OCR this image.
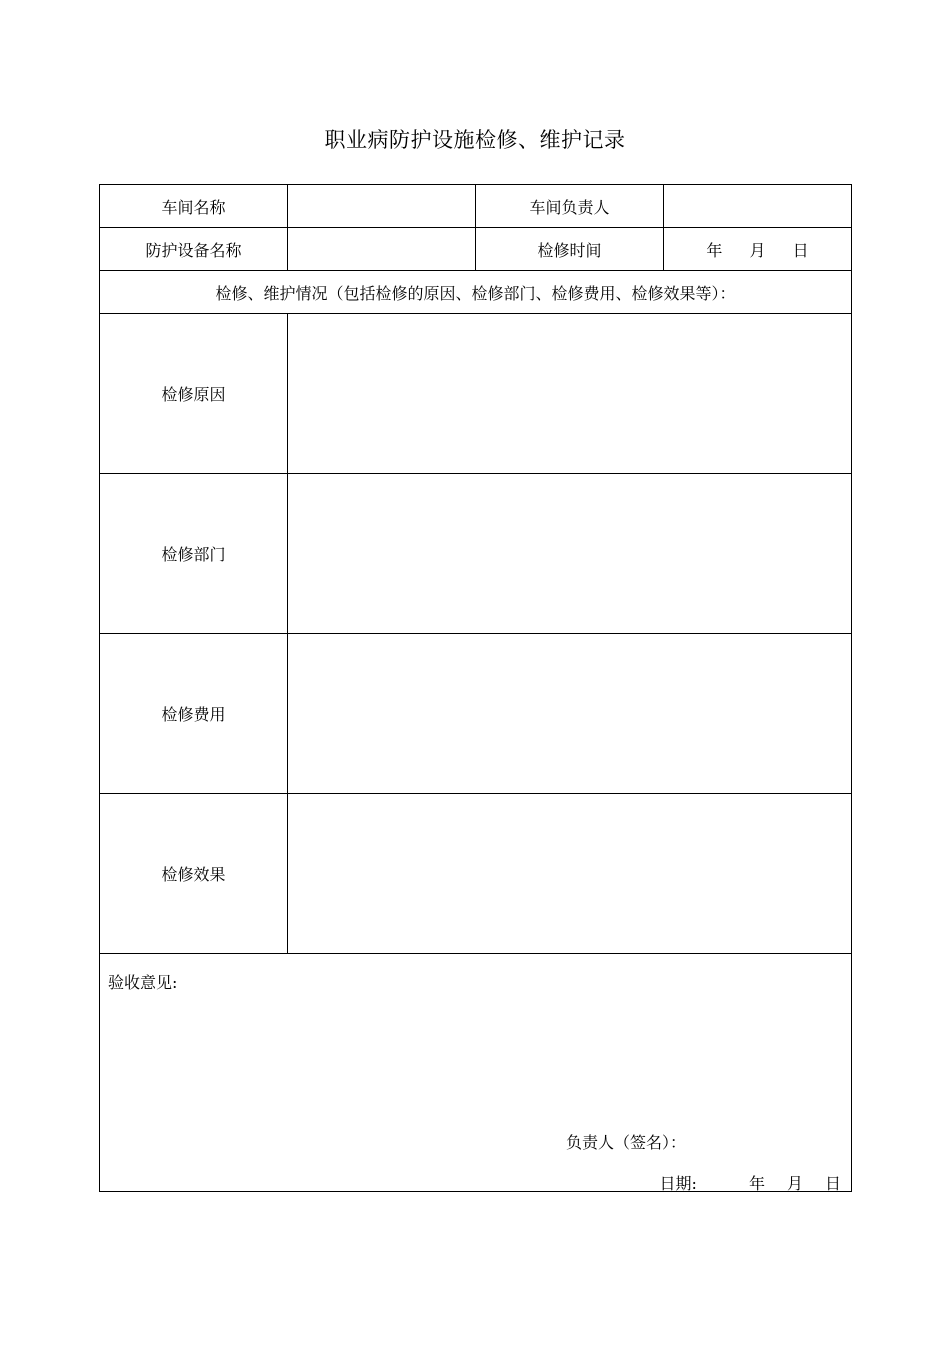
职业病防护设施检修、维护记录
车间名称		车间负责人	
防护设备名称		检修时间	年 月 日
检修、维护情况（包括检修的原因、检修部门、检修费用、检修效果等）：			
检修原因			
检修部门			
检修费用			
检修效果			

验收意见:
负责人（签名）：
日期: 年 月 日			
